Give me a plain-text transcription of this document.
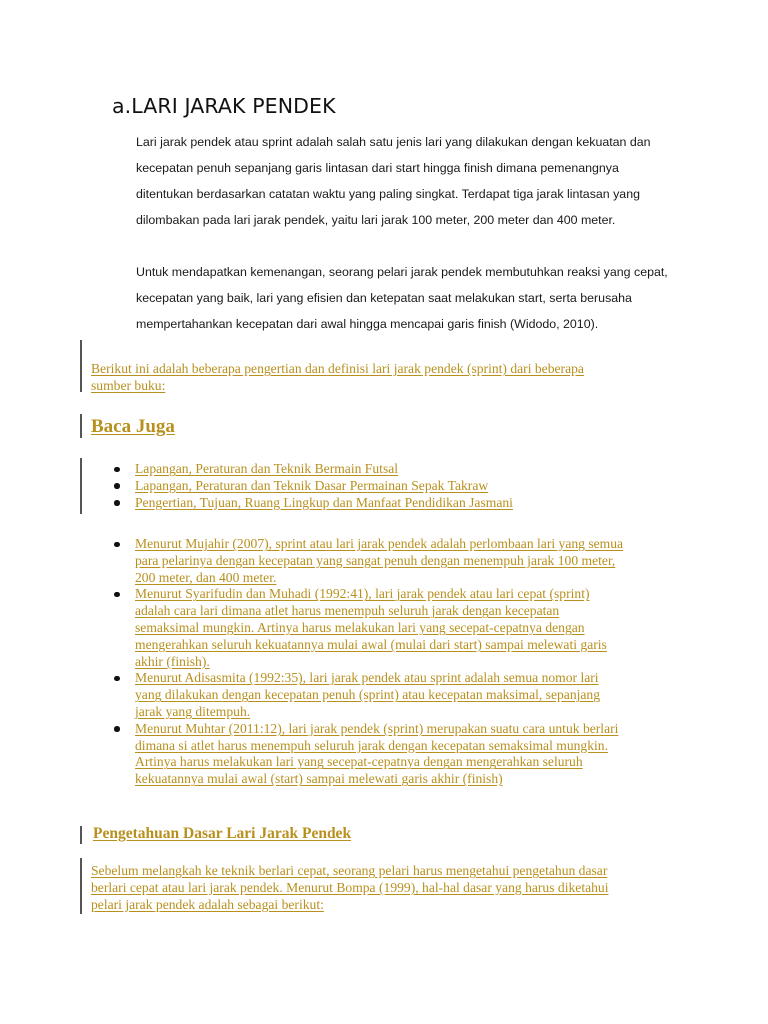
a.LARI JARAK PENDEK

Lari jarak pendek atau sprint adalah salah satu jenis lari yang dilakukan dengan kekuatan dan
kecepatan penuh sepanjang garis lintasan dari start hingga finish dimana pemenangnya
ditentukan berdasarkan catatan waktu yang paling singkat. Terdapat tiga jarak lintasan yang
dilombakan pada lari jarak pendek, yaitu lari jarak 100 meter, 200 meter dan 400 meter.

Untuk mendapatkan kemenangan, seorang pelari jarak pendek membutuhkan reaksi yang cepat,
kecepatan yang baik, lari yang efisien dan ketepatan saat melakukan start, serta berusaha
mempertahankan kecepatan dari awal hingga mencapai garis finish (Widodo, 2010).

Berikut ini adalah beberapa pengertian dan definisi lari jarak pendek (sprint) dari beberapa
sumber buku:

Baca Juga
Lapangan, Peraturan dan Teknik Bermain Futsal
Lapangan, Peraturan dan Teknik Dasar Permainan Sepak Takraw
Pengertian, Tujuan, Ruang Lingkup dan Manfaat Pendidikan Jasmani
Menurut Mujahir (2007), sprint atau lari jarak pendek adalah perlombaan lari yang semua
para pelarinya dengan kecepatan yang sangat penuh dengan menempuh jarak 100 meter,
200 meter, dan 400 meter.
Menurut Syarifudin dan Muhadi (1992:41), lari jarak pendek atau lari cepat (sprint)
adalah cara lari dimana atlet harus menempuh seluruh jarak dengan kecepatan
semaksimal mungkin. Artinya harus melakukan lari yang secepat-cepatnya dengan
mengerahkan seluruh kekuatannya mulai awal (mulai dari start) sampai melewati garis
akhir (finish).
Menurut Adisasmita (1992:35), lari jarak pendek atau sprint adalah semua nomor lari
yang dilakukan dengan kecepatan penuh (sprint) atau kecepatan maksimal, sepanjang
jarak yang ditempuh.
Menurut Muhtar (2011:12), lari jarak pendek (sprint) merupakan suatu cara untuk berlari
dimana si atlet harus menempuh seluruh jarak dengan kecepatan semaksimal mungkin.
Artinya harus melakukan lari yang secepat-cepatnya dengan mengerahkan seluruh
kekuatannya mulai awal (start) sampai melewati garis akhir (finish)
Pengetahuan Dasar Lari Jarak Pendek

Sebelum melangkah ke teknik berlari cepat, seorang pelari harus mengetahui pengetahun dasar
berlari cepat atau lari jarak pendek. Menurut Bompa (1999), hal-hal dasar yang harus diketahui
pelari jarak pendek adalah sebagai berikut:
